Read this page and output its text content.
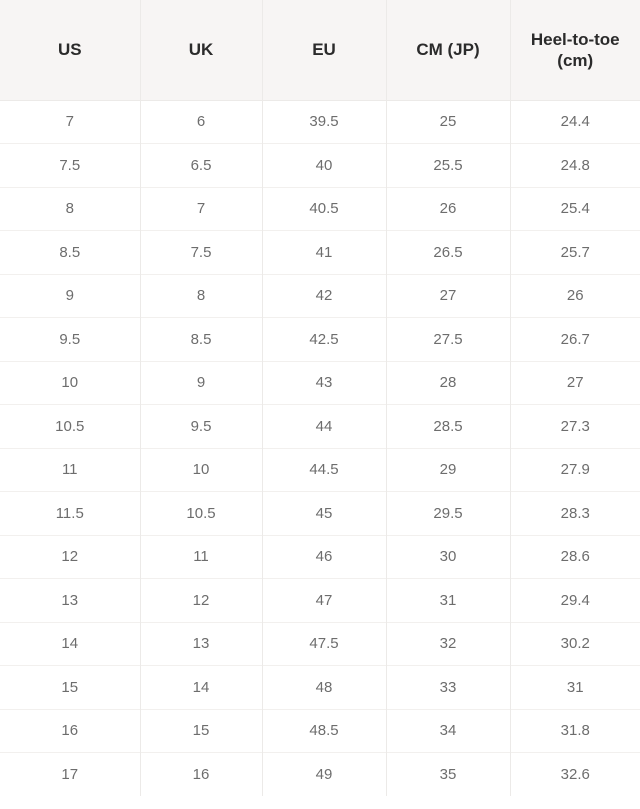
US	UK	EU	CM (JP)	Heel-to-toe (cm)
7	6	39.5	25	24.4
7.5	6.5	40	25.5	24.8
8	7	40.5	26	25.4
8.5	7.5	41	26.5	25.7
9	8	42	27	26
9.5	8.5	42.5	27.5	26.7
10	9	43	28	27
10.5	9.5	44	28.5	27.3
11	10	44.5	29	27.9
11.5	10.5	45	29.5	28.3
12	11	46	30	28.6
13	12	47	31	29.4
14	13	47.5	32	30.2
15	14	48	33	31
16	15	48.5	34	31.8
17	16	49	35	32.6
